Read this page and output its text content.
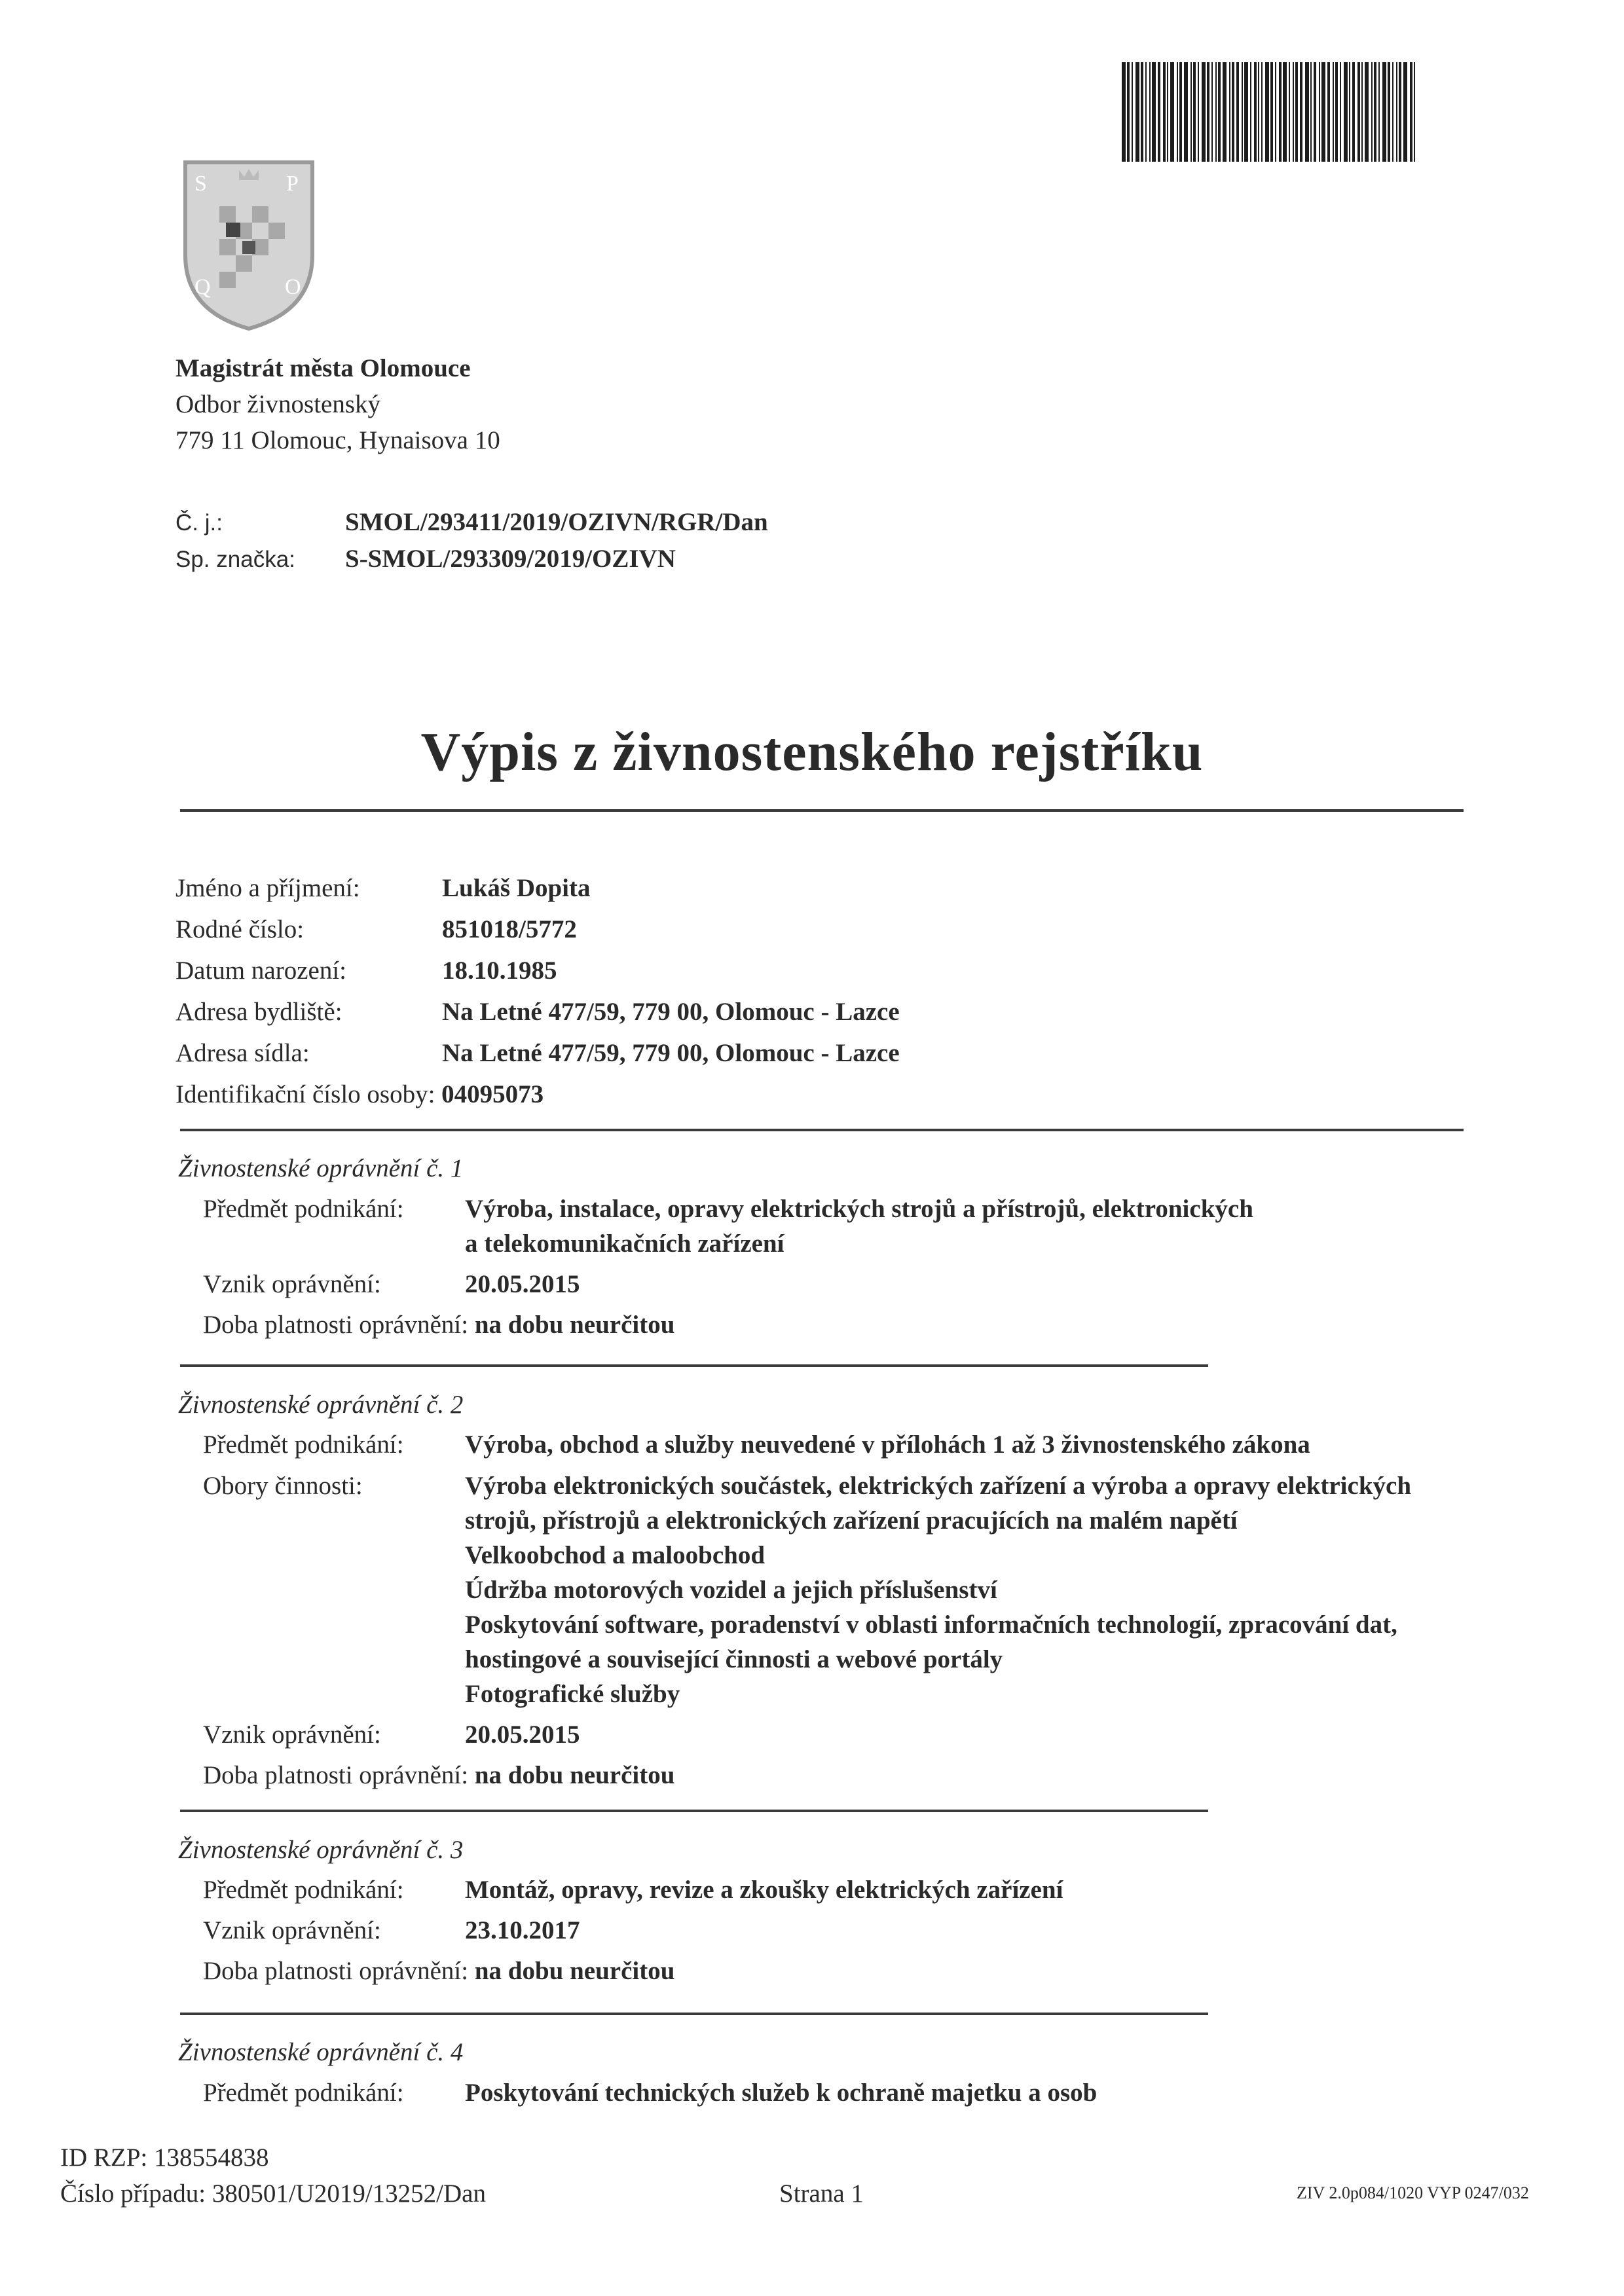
S	P
Q	O
Magistrát města Olomouce
Odbor živnostenský
779 11 Olomouc, Hynaisova 10
Č. j.:	SMOL/293411/2019/OZIVN/RGR/Dan
Sp. značka: S-SMOL/293309/2019/OZIVN
Výpis z živnostenského rejstříku
Jméno a příjmení:	Lukáš Dopita
Rodné číslo:	851018/5772
Datum narození:	18.10.1985
Adresa bydliště:	Na Letné 477/59, 779 00, Olomouc - Lazce
Adresa sídla:	Na Letné 477/59, 779 00, Olomouc - Lazce
Identifikační číslo osoby: 04095073
Živnostenské oprávnění č. 1
Předmět podnikání:	Výroba, instalace, opravy elektrických strojů a přístrojů, elektronických
a telekomunikačních zařízení
Vznik oprávnění:	20.05.2015
Doba platnosti oprávnění:
na dobu neurčitou
Živnostenské oprávnění č. 2
Předmět podnikání:	Výroba, obchod a služby neuvedené v přílohách 1 až 3 živnostenského zákona
Obory činnosti:	Výroba elektronických součástek, elektrických zařízení a výroba a opravy elektrických
strojů, přístrojů a elektronických zařízení pracujících na malém napětí
Velkoobchod a maloobchod
Údržba motorových vozidel a jejich příslušenství
Poskytování software, poradenství v oblasti informačních technologií, zpracování dat,
hostingové a související činnosti a webové portály
Fotografické služby
Vznik oprávnění:	20.05.2015
Doba platnosti oprávnění:
na dobu neurčitou
Živnostenské oprávnění č. 3
Předmět podnikání:	Montáž, opravy, revize a zkoušky elektrických zařízení
Vznik oprávnění:	23.10.2017
Doba platnosti oprávnění:
na dobu neurčitou
Živnostenské oprávnění č. 4
Předmět podnikání:	Poskytování technických služeb k ochraně majetku a osob
ID RZP: 138554838
Číslo případu: 380501/U2019/13252/Dan	Strana 1	ZIV 2.0p084/1020 VYP 0247/032
